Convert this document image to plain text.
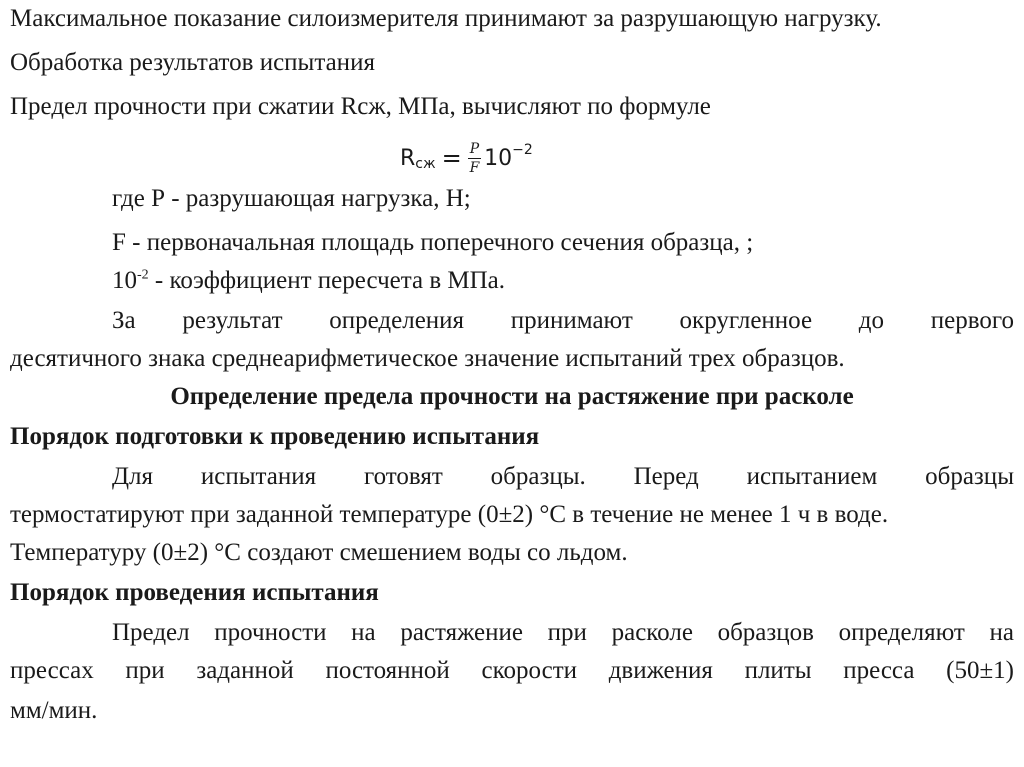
Максимальное показание силоизмерителя принимают за разрушающую нагрузку.
Обработка результатов испытания
Предел прочности при сжатии Rсж, МПа, вычисляют по формуле
R сж = $\frac{P}{F} 10 -2$
где Р - разрушающая нагрузка, Н;
F - первоначальная площадь поперечного сечения образца, ;
$10^{-2}$ - коэффициент пересчета в МПа.
За результат определения принимают округленное до первого
десятичного знака среднеарифметическое значение испытаний трех образцов.
Определение предела прочности на растяжение при расколе
Порядок подготовки к проведению испытания
Для испытания готовят образцы. Перед испытанием образцы
термостатируют при заданной температуре (0±2) °С в течение не менее 1 ч в воде.
Температуру (0±2) °С создают смешением воды со льдом.
Порядок проведения испытания
Предел прочности на растяжение при расколе образцов определяют на
прессах при заданной постоянной скорости движения плиты пресса (50±1)
мм/мин.
